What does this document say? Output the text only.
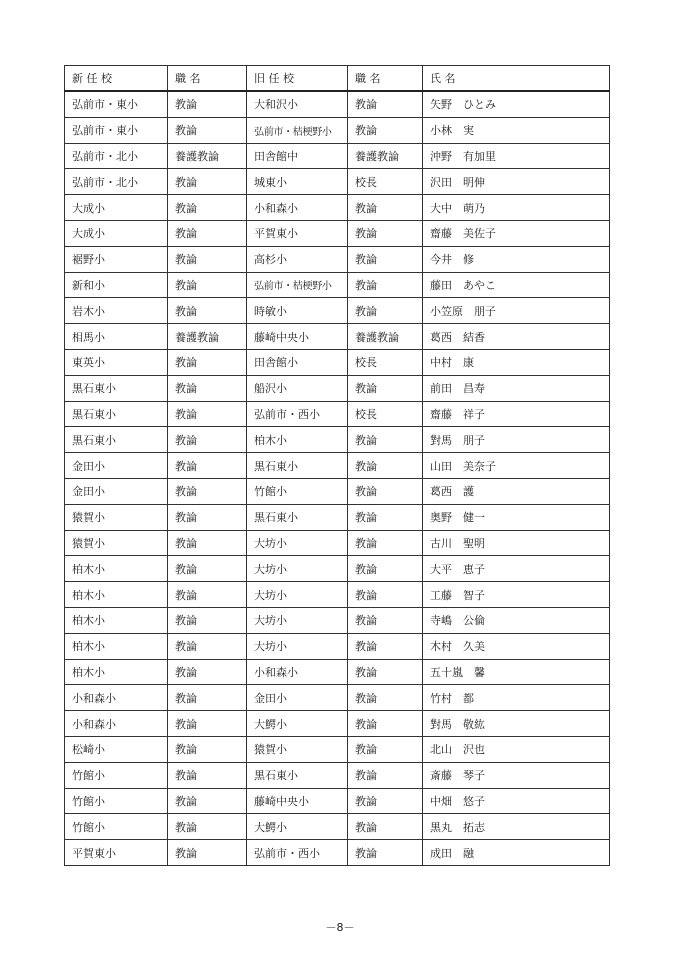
新 任 校	職 名	旧 任 校	職 名	氏 名
弘前市・東小	教論	大和沢小	教論	矢野　ひとみ
弘前市・東小	教論	弘前市・桔梗野小	教論	小林　実
弘前市・北小	養護教論	田舎館中	養護教論	沖野　有加里
弘前市・北小	教論	城東小	校長	沢田　明伸
大成小	教論	小和森小	教論	大中　萌乃
大成小	教論	平賀東小	教論	齋藤　美佐子
裾野小	教論	高杉小	教論	今井　修
新和小	教論	弘前市・桔梗野小	教論	藤田　あやこ
岩木小	教論	時敏小	教論	小笠原　朋子
相馬小	養護教論	藤崎中央小	養護教論	葛西　結香
東英小	教論	田舎館小	校長	中村　康
黒石東小	教論	船沢小	教論	前田　昌寿
黒石東小	教論	弘前市・西小	校長	齋藤　祥子
黒石東小	教論	柏木小	教論	對馬　朋子
金田小	教論	黒石東小	教論	山田　美奈子
金田小	教論	竹館小	教論	葛西　護
猿賀小	教論	黒石東小	教論	奥野　健一
猿賀小	教論	大坊小	教論	古川　聖明
柏木小	教論	大坊小	教論	大平　恵子
柏木小	教論	大坊小	教論	工藤　智子
柏木小	教論	大坊小	教論	寺嶋　公倫
柏木小	教論	大坊小	教論	木村　久美
柏木小	教論	小和森小	教論	五十嵐　馨
小和森小	教論	金田小	教論	竹村　都
小和森小	教論	大鰐小	教論	對馬　敬紘
松崎小	教論	猿賀小	教論	北山　沢也
竹館小	教論	黒石東小	教論	斎藤　琴子
竹館小	教論	藤崎中央小	教論	中畑　悠子
竹館小	教論	大鰐小	教論	黒丸　拓志
平賀東小	教論	弘前市・西小	教論	成田　融
－8－
